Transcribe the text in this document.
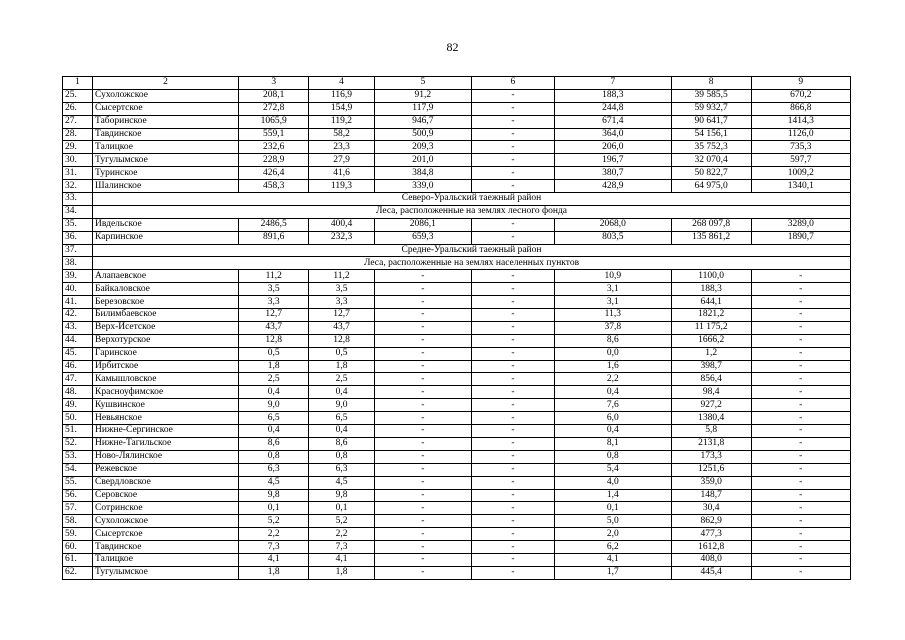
82
1	2	3	4	5	6	7	8	9
25.	Сухоложское	208,1	116,9	91,2	-	188,3	39 585,5	670,2
26.	Сысертское	272,8	154,9	117,9	-	244,8	59 932,7	866,8
27.	Таборинское	1065,9	119,2	946,7	-	671,4	90 641,7	1414,3
28.	Тавдинское	559,1	58,2	500,9	-	364,0	54 156,1	1126,0
29.	Талицкое	232,6	23,3	209,3	-	206,0	35 752,3	735,3
30.	Тугулымское	228,9	27,9	201,0	-	196,7	32 070,4	597,7
31.	Туринское	426,4	41,6	384,8	-	380,7	50 822,7	1009,2
32.	Шалинское	458,3	119,3	339,0	-	428,9	64 975,0	1340,1
33.	Северо-Уральский таежный район							
34.	Леса, расположенные на землях лесного фонда							
35.	Ивдельское	2486,5	400,4	2086,1	-	2068,0	268 097,8	3289,0
36.	Карпинское	891,6	232,3	659,3	-	803,5	135 861,2	1890,7
37.	Средне-Уральский таежный район							
38.	Леса, расположенные на землях населенных пунктов							
39.	Алапаевское	11,2	11,2	-	-	10,9	1100,0	-
40.	Байкаловское	3,5	3,5	-	-	3,1	188,3	-
41.	Березовское	3,3	3,3	-	-	3,1	644,1	-
42.	Билимбаевское	12,7	12,7	-	-	11,3	1821,2	-
43.	Верх-Исетское	43,7	43,7	-	-	37,8	11 175,2	-
44.	Верхотурское	12,8	12,8	-	-	8,6	1666,2	-
45.	Гаринское	0,5	0,5	-	-	0,0	1,2	-
46.	Ирбитское	1,8	1,8	-	-	1,6	398,7	-
47.	Камышловское	2,5	2,5	-	-	2,2	856,4	-
48.	Красноуфимское	0,4	0,4	-	-	0,4	98,4	-
49.	Кушвинское	9,0	9,0	-	-	7,6	927,2	-
50.	Невьянское	6,5	6,5	-	-	6,0	1380,4	-
51.	Нижне-Сергинское	0,4	0,4	-	-	0,4	5,8	-
52.	Нижне-Тагильское	8,6	8,6	-	-	8,1	2131,8	-
53.	Ново-Лялинское	0,8	0,8	-	-	0,8	173,3	-
54.	Режевское	6,3	6,3	-	-	5,4	1251,6	-
55.	Свердловское	4,5	4,5	-	-	4,0	359,0	-
56.	Серовское	9,8	9,8	-	-	1,4	148,7	-
57.	Сотринское	0,1	0,1	-	-	0,1	30,4	-
58.	Сухоложское	5,2	5,2	-	-	5,0	862,9	-
59.	Сысертское	2,2	2,2	-	-	2,0	477,3	-
60.	Тавдинское	7,3	7,3	-	-	6,2	1612,8	-
61.	Талицкое	4,1	4,1	-	-	4,1	408,0	-
62.	Тугулымское	1,8	1,8	-	-	1,7	445,4	-
